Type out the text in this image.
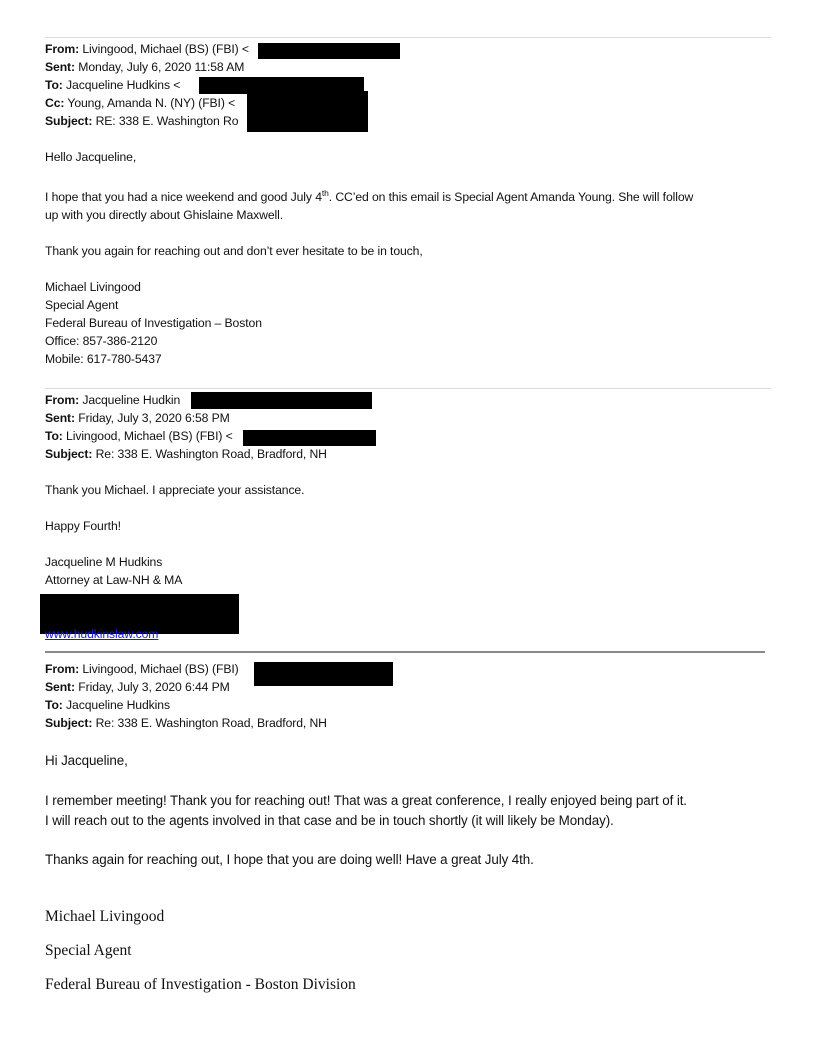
From: Livingood, Michael (BS) (FBI) <
Sent: Monday, July 6, 2020 11:58 AM
To: Jacqueline Hudkins <
Cc: Young, Amanda N. (NY) (FBI) <
Subject: RE: 338 E. Washington Ro
Hello Jacqueline,
I hope that you had a nice weekend and good July 4th. CC’ed on this email is Special Agent Amanda Young. She will follow
up with you directly about Ghislaine Maxwell.
Thank you again for reaching out and don’t ever hesitate to be in touch,
Michael Livingood
Special Agent
Federal Bureau of Investigation – Boston
Office: 857-386-2120
Mobile: 617-780-5437
From: Jacqueline Hudkin
Sent: Friday, July 3, 2020 6:58 PM
To: Livingood, Michael (BS) (FBI) <
Subject: Re: 338 E. Washington Road, Bradford, NH
Thank you Michael. I appreciate your assistance.
Happy Fourth!
Jacqueline M Hudkins
Attorney at Law-NH & MA
www.hudkinslaw.com
From: Livingood, Michael (BS) (FBI)
Sent: Friday, July 3, 2020 6:44 PM
To: Jacqueline Hudkins
Subject: Re: 338 E. Washington Road, Bradford, NH
Hi Jacqueline,
I remember meeting! Thank you for reaching out! That was a great conference, I really enjoyed being part of it.
I will reach out to the agents involved in that case and be in touch shortly (it will likely be Monday).
Thanks again for reaching out, I hope that you are doing well! Have a great July 4th.
Michael Livingood
Special Agent
Federal Bureau of Investigation - Boston Division
